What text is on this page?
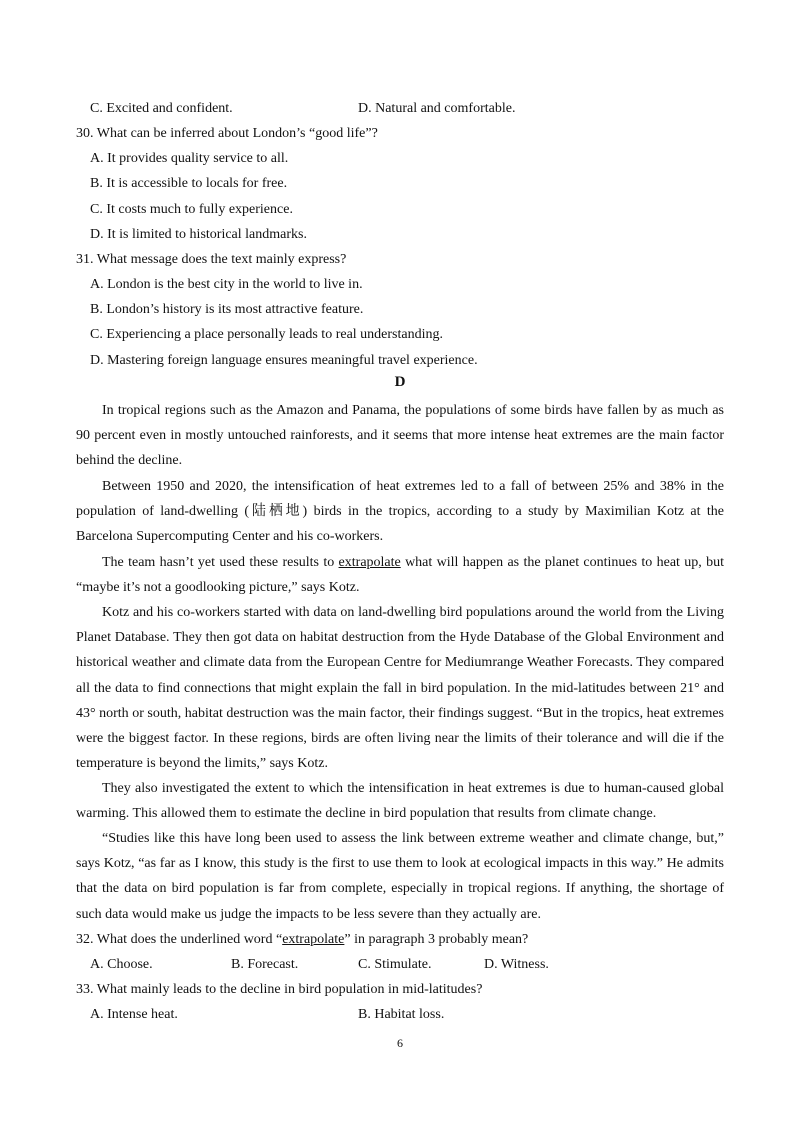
C. Excited and confident.	D. Natural and comfortable.
30. What can be inferred about London’s “good life”?
A. It provides quality service to all.
B. It is accessible to locals for free.
C. It costs much to fully experience.
D. It is limited to historical landmarks.
31. What message does the text mainly express?
A. London is the best city in the world to live in.
B. London’s history is its most attractive feature.
C. Experiencing a place personally leads to real understanding.
D. Mastering foreign language ensures meaningful travel experience.
D
In tropical regions such as the Amazon and Panama, the populations of some birds have fallen by as much as 90 percent even in mostly untouched rainforests, and it seems that more intense heat extremes are the main factor behind the decline.
Between 1950 and 2020, the intensification of heat extremes led to a fall of between 25% and 38% in the population of land-dwelling (陆栖地) birds in the tropics, according to a study by Maximilian Kotz at the Barcelona Supercomputing Center and his co-workers.
The team hasn’t yet used these results to extrapolate what will happen as the planet continues to heat up, but “maybe it’s not a goodlooking picture,” says Kotz.
Kotz and his co-workers started with data on land-dwelling bird populations around the world from the Living Planet Database. They then got data on habitat destruction from the Hyde Database of the Global Environment and historical weather and climate data from the European Centre for Mediumrange Weather Forecasts. They compared all the data to find connections that might explain the fall in bird population. In the mid-latitudes between 21° and 43° north or south, habitat destruction was the main factor, their findings suggest. “But in the tropics, heat extremes were the biggest factor. In these regions, birds are often living near the limits of their tolerance and will die if the temperature is beyond the limits,” says Kotz.
They also investigated the extent to which the intensification in heat extremes is due to human-caused global warming. This allowed them to estimate the decline in bird population that results from climate change.
“Studies like this have long been used to assess the link between extreme weather and climate change, but,” says Kotz, “as far as I know, this study is the first to use them to look at ecological impacts in this way.” He admits that the data on bird population is far from complete, especially in tropical regions. If anything, the shortage of such data would make us judge the impacts to be less severe than they actually are.
32. What does the underlined word “extrapolate” in paragraph 3 probably mean?
A. Choose.	B. Forecast.	C. Stimulate.	D. Witness.
33. What mainly leads to the decline in bird population in mid-latitudes?
A. Intense heat.	B. Habitat loss.
6
